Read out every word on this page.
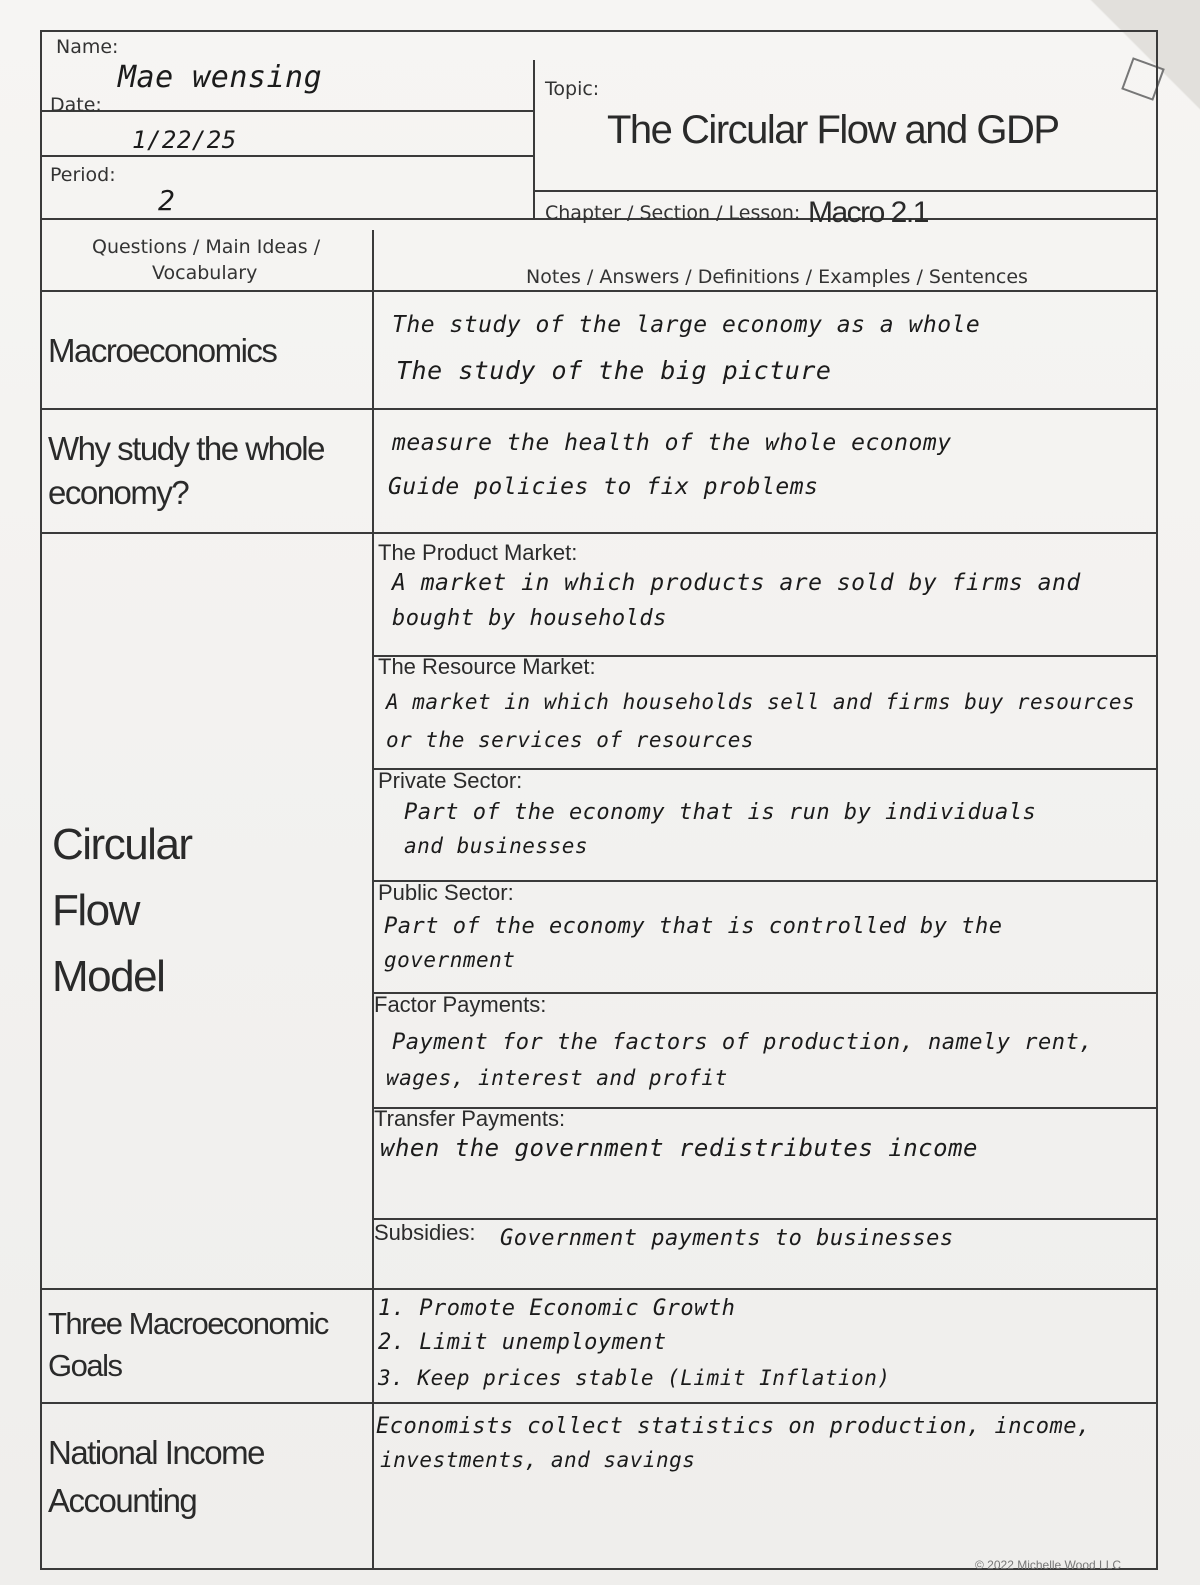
Name:
Mae wensing
Date:
1/22/25
Period:
2
Topic:
The Circular Flow and GDP
Chapter / Section / Lesson: Macro 2.1
Questions / Main Ideas /
Vocabulary	Notes / Answers / Definitions / Examples / Sentences
Macroeconomics
The study of the large economy as a whole
The study of the big picture
Why study the whole
economy?
measure the health of the whole economy
Guide policies to fix problems
Circular
Flow
Model
The Product Market:
A market in which products are sold by firms and
bought by households
The Resource Market:
A market in which households sell and firms buy resources
or the services of resources
Private Sector:
Part of the economy that is run by individuals
and businesses
Public Sector:
Part of the economy that is controlled by the
government
Factor Payments:
Payment for the factors of production, namely rent,
wages, interest and profit
Transfer Payments:
when the government redistributes income
Subsidies: Government payments to businesses
Three Macroeconomic
Goals
1. Promote Economic Growth
2. Limit unemployment
3. Keep prices stable (Limit Inflation)
National Income
Accounting
Economists collect statistics on production, income,
investments, and savings
© 2022 Michelle Wood LLC
